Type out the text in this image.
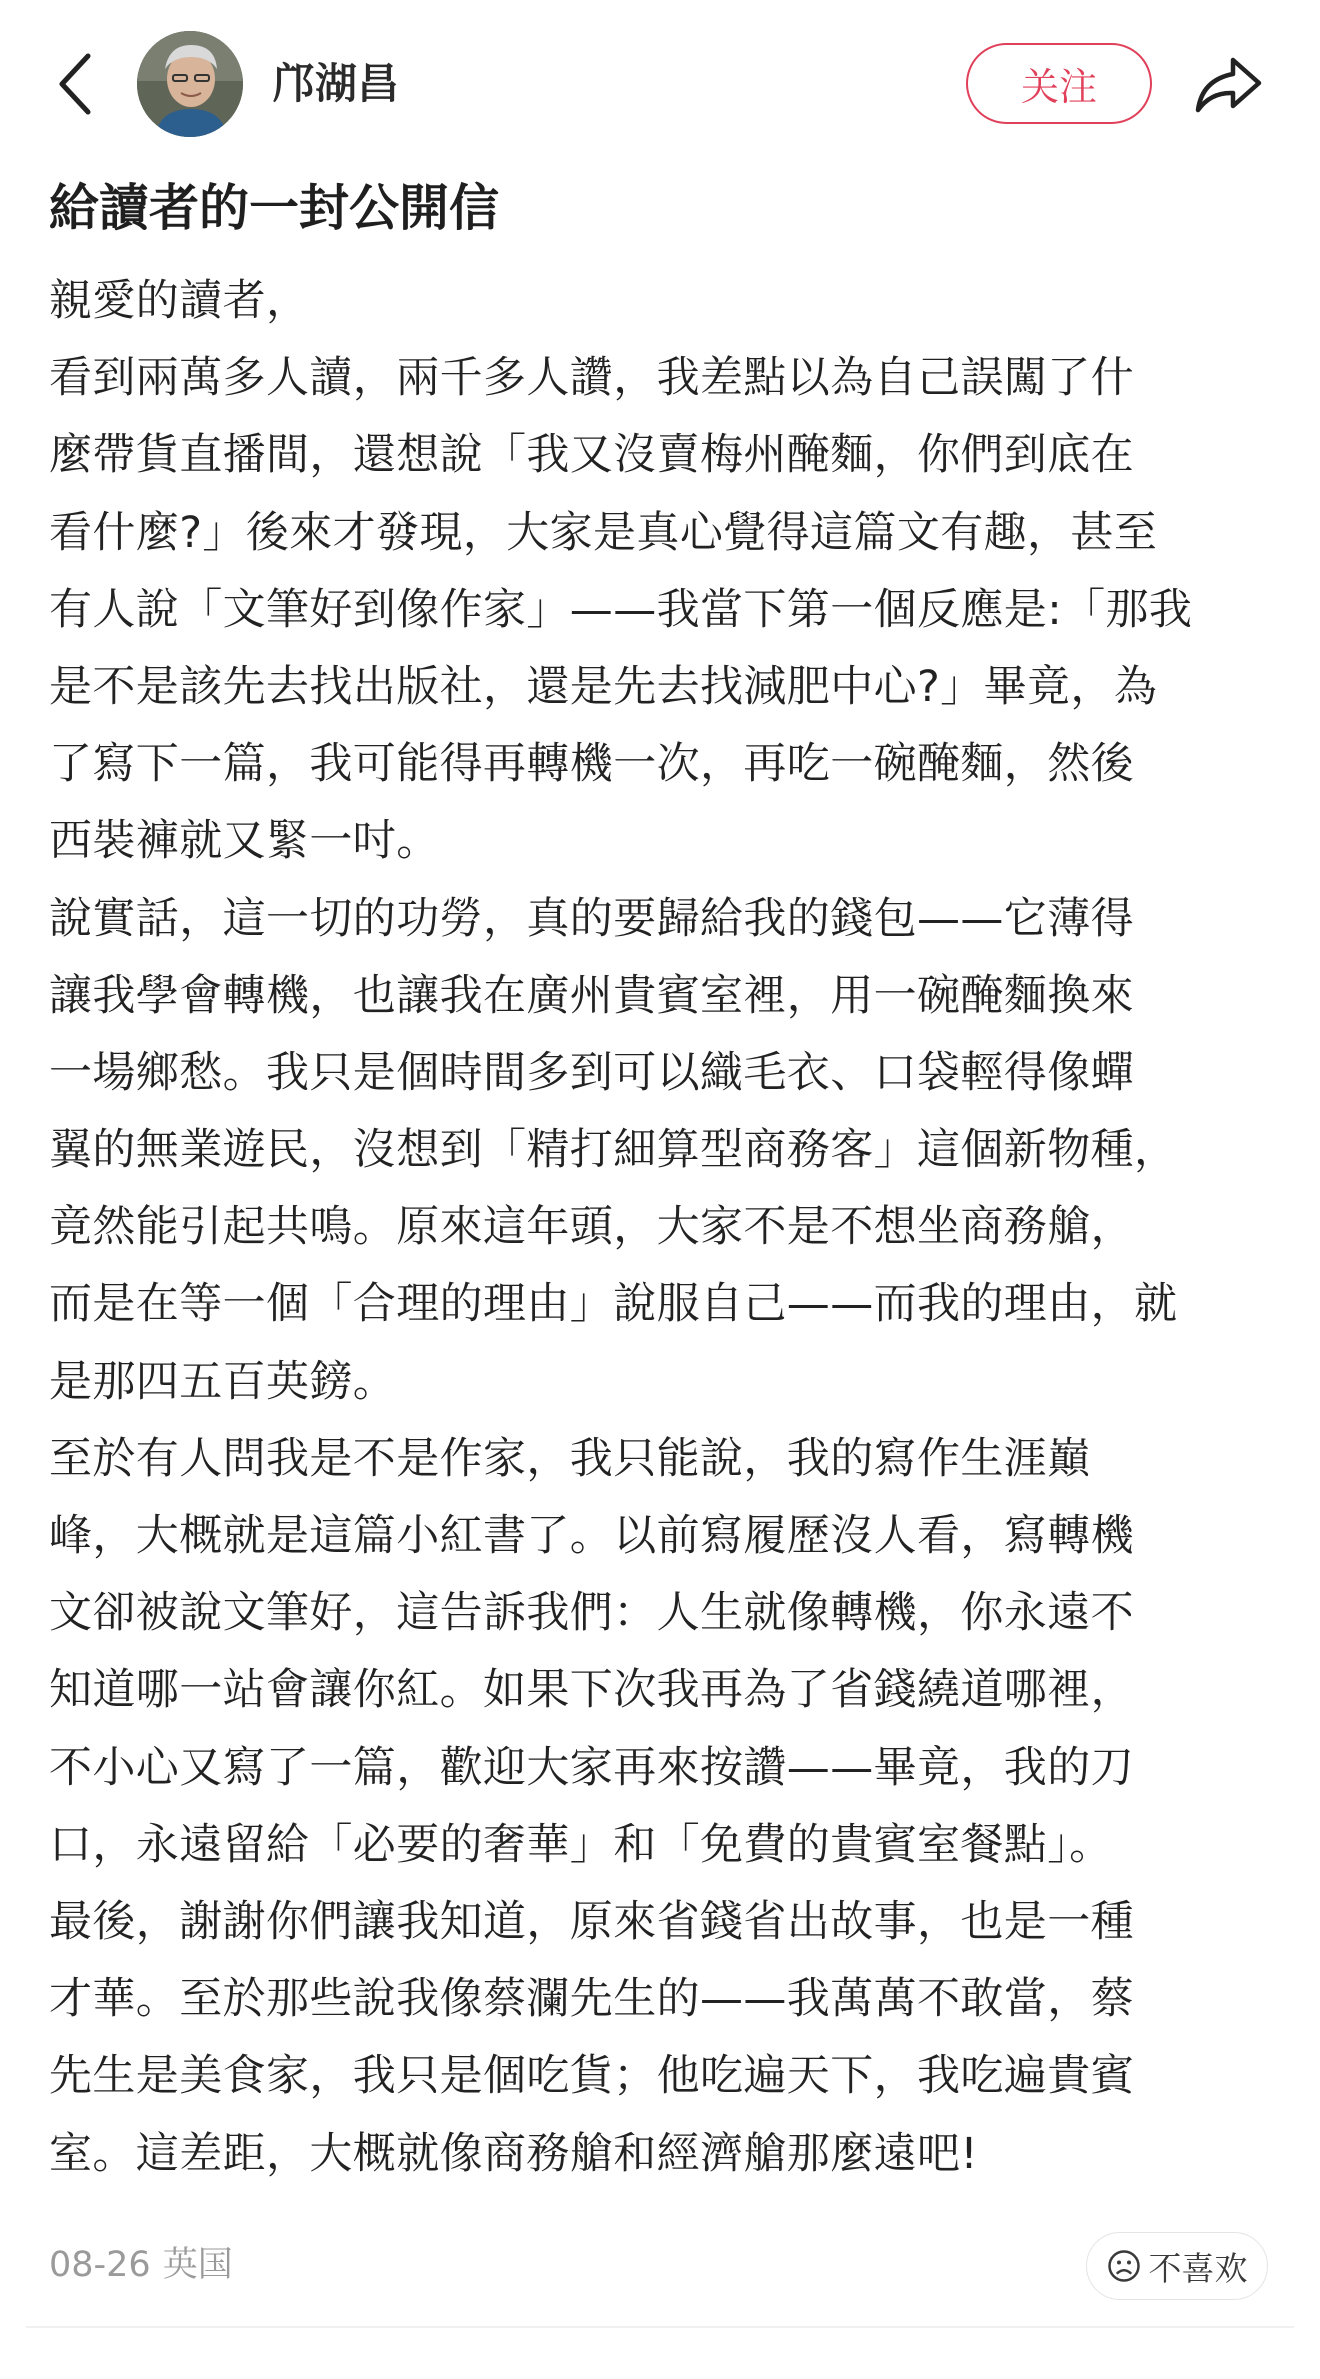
邝湖昌	关注
給讀者的一封公開信
親愛的讀者，
看到兩萬多人讀，兩千多人讚，我差點以為自己誤闖了什
麼帶貨直播間，還想說「我又沒賣梅州醃麵，你們到底在
看什麼?」後來才發現，大家是真心覺得這篇文有趣，甚至
有人說「文筆好到像作家」——我當下第一個反應是:「那我
是不是該先去找出版社，還是先去找減肥中心?」畢竟，為
了寫下一篇，我可能得再轉機一次，再吃一碗醃麵，然後
西裝褲就又緊一吋。
說實話，這一切的功勞，真的要歸給我的錢包——它薄得
讓我學會轉機，也讓我在廣州貴賓室裡，用一碗醃麵換來
一場鄉愁。我只是個時間多到可以織毛衣、口袋輕得像蟬
翼的無業遊民，沒想到「精打細算型商務客」這個新物種，
竟然能引起共鳴。原來這年頭，大家不是不想坐商務艙，
而是在等一個「合理的理由」說服自己——而我的理由，就
是那四五百英鎊。
至於有人問我是不是作家，我只能說，我的寫作生涯巔
峰，大概就是這篇小紅書了。以前寫履歷沒人看，寫轉機
文卻被說文筆好，這告訴我們：人生就像轉機，你永遠不
知道哪一站會讓你紅。如果下次我再為了省錢繞道哪裡，
不小心又寫了一篇，歡迎大家再來按讚——畢竟，我的刀
口，永遠留給「必要的奢華」和「免費的貴賓室餐點」。
最後，謝謝你們讓我知道，原來省錢省出故事，也是一種
才華。至於那些說我像蔡瀾先生的——我萬萬不敢當，蔡
先生是美食家，我只是個吃貨；他吃遍天下，我吃遍貴賓
室。這差距，大概就像商務艙和經濟艙那麼遠吧!
08-26 英国	不喜欢
